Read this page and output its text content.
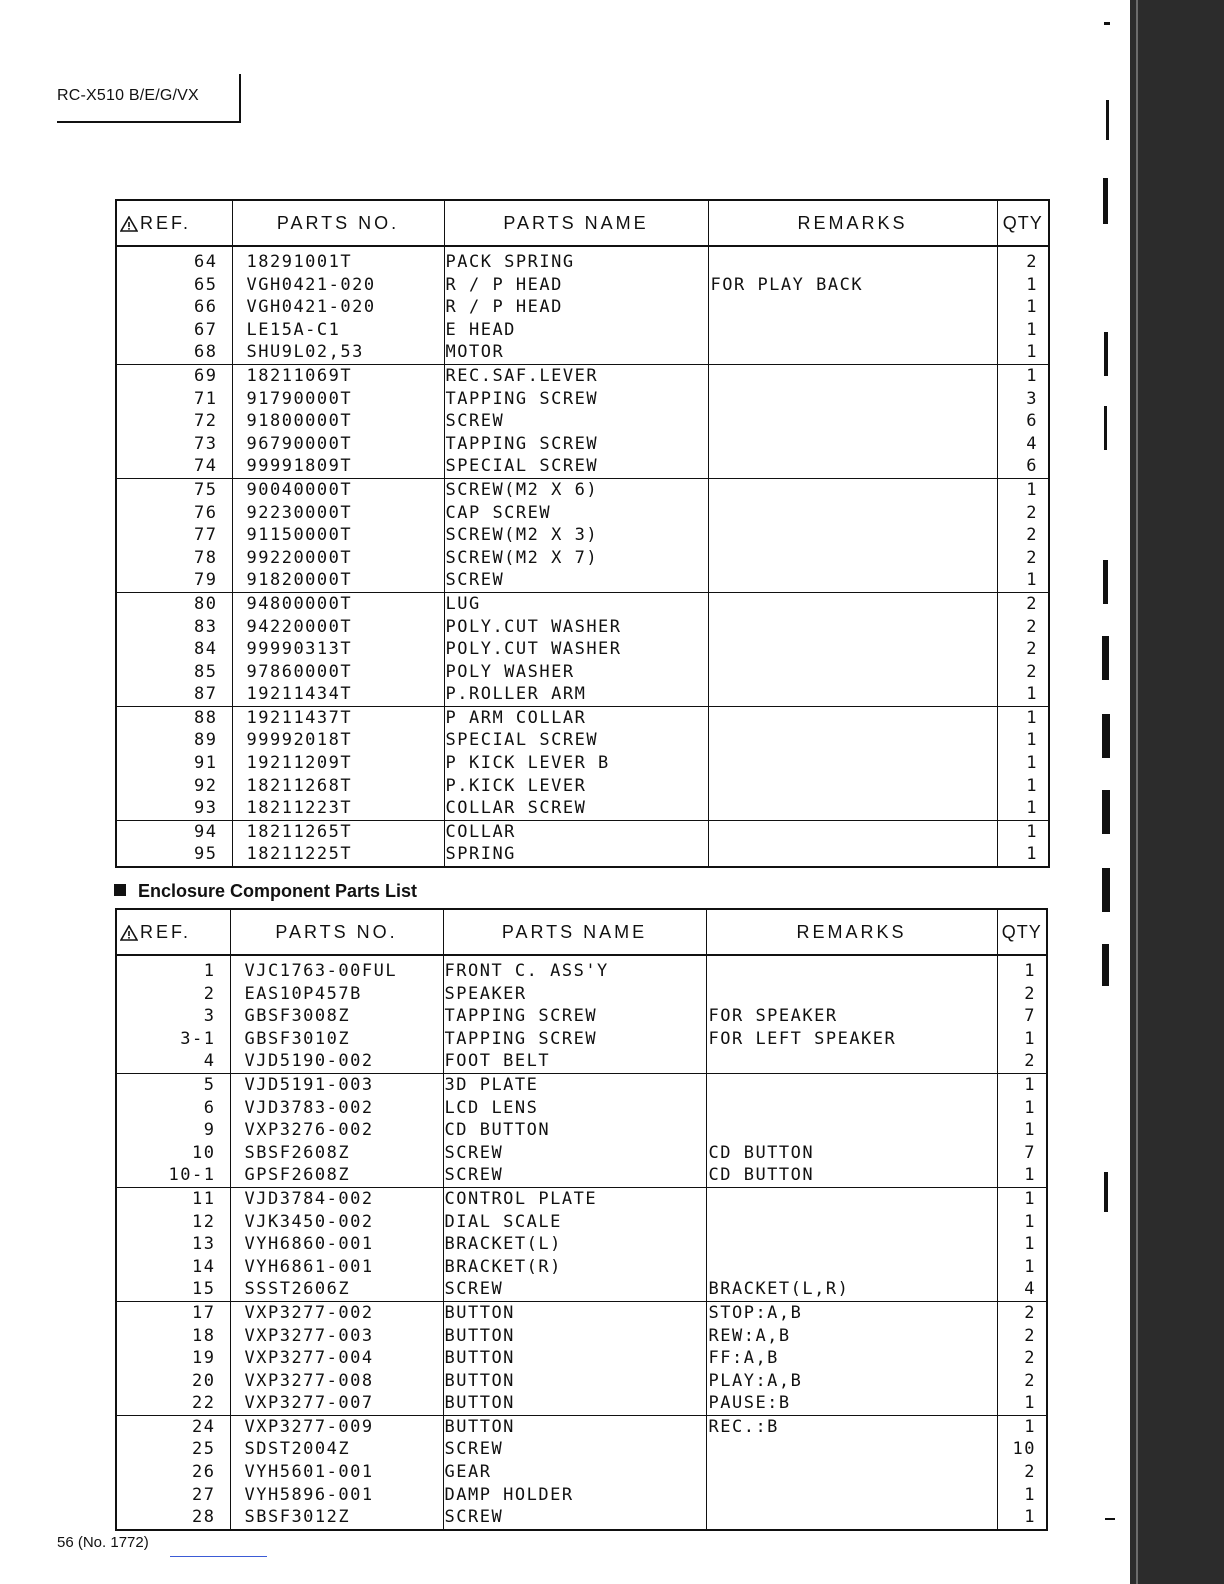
RC-X510 B/E/G/VX
REF.	PARTS NO.	PARTS NAME	REMARKS	QTY
64	18291001T	PACK SPRING		2
65	VGH0421-020	R / P HEAD	FOR PLAY BACK	1
66	VGH0421-020	R / P HEAD		1
67	LE15A-C1	E HEAD		1
68	SHU9L02,53	MOTOR		1
69	18211069T	REC.SAF.LEVER		1
71	91790000T	TAPPING SCREW		3
72	91800000T	SCREW		6
73	96790000T	TAPPING SCREW		4
74	99991809T	SPECIAL SCREW		6
75	90040000T	SCREW(M2 X 6)		1
76	92230000T	CAP SCREW		2
77	91150000T	SCREW(M2 X 3)		2
78	99220000T	SCREW(M2 X 7)		2
79	91820000T	SCREW		1
80	94800000T	LUG		2
83	94220000T	POLY.CUT WASHER		2
84	99990313T	POLY.CUT WASHER		2
85	97860000T	POLY WASHER		2
87	19211434T	P.ROLLER ARM		1
88	19211437T	P ARM COLLAR		1
89	99992018T	SPECIAL SCREW		1
91	19211209T	P KICK LEVER B		1
92	18211268T	P.KICK LEVER		1
93	18211223T	COLLAR SCREW		1
94	18211265T	COLLAR		1
95	18211225T	SPRING		1
Enclosure Component Parts List
REF.	PARTS NO.	PARTS NAME	REMARKS	QTY
1	VJC1763-00FUL	FRONT C. ASS'Y		1
2	EAS10P457B	SPEAKER		2
3	GBSF3008Z	TAPPING SCREW	FOR SPEAKER	7
3-1	GBSF3010Z	TAPPING SCREW	FOR LEFT SPEAKER	1
4	VJD5190-002	FOOT BELT		2
5	VJD5191-003	3D PLATE		1
6	VJD3783-002	LCD LENS		1
9	VXP3276-002	CD BUTTON		1
10	SBSF2608Z	SCREW	CD BUTTON	7
10-1	GPSF2608Z	SCREW	CD BUTTON	1
11	VJD3784-002	CONTROL PLATE		1
12	VJK3450-002	DIAL SCALE		1
13	VYH6860-001	BRACKET(L)		1
14	VYH6861-001	BRACKET(R)		1
15	SSST2606Z	SCREW	BRACKET(L,R)	4
17	VXP3277-002	BUTTON	STOP:A,B	2
18	VXP3277-003	BUTTON	REW:A,B	2
19	VXP3277-004	BUTTON	FF:A,B	2
20	VXP3277-008	BUTTON	PLAY:A,B	2
22	VXP3277-007	BUTTON	PAUSE:B	1
24	VXP3277-009	BUTTON	REC.:B	1
25	SDST2004Z	SCREW		10
26	VYH5601-001	GEAR		2
27	VYH5896-001	DAMP HOLDER		1
28	SBSF3012Z	SCREW		1
56 (No. 1772)
